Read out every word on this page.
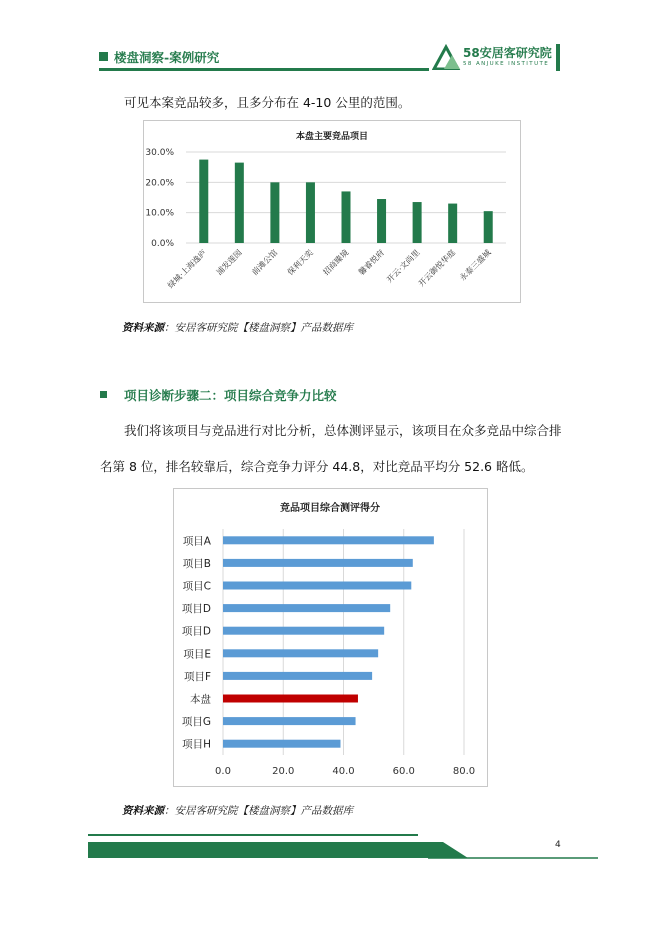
楼盘洞察-案例研究	58安居客研究院
58 ANJUKE INSTITUTE
可见本案竞品较多，且多分布在 4-10 公里的范围。
本盘主要竞品项目
0.0%
10.0%
20.0%
30.0%
绿城·上海逸庐 浦发莲园 前滩公馆 保利天奕 招商臻境 馨睿悦府 开云·文尚里
开云御悦华庭 永泰三盛城
资料来源：安居客研究院【楼盘洞察】产品数据库
项目诊断步骤二：项目综合竞争力比较
我们将该项目与竞品进行对比分析，总体测评显示，该项目在众多竞品中综合排
名第 8 位，排名较靠后，综合竞争力评分 44.8，对比竞品平均分 52.6 略低。
竞品项目综合测评得分
0.0	20.0	40.0	60.0	80.0
项目A
项目B
项目C
项目D
项目D
项目E
项目F
本盘
项目G
项目H
资料来源：安居客研究院【楼盘洞察】产品数据库
4
